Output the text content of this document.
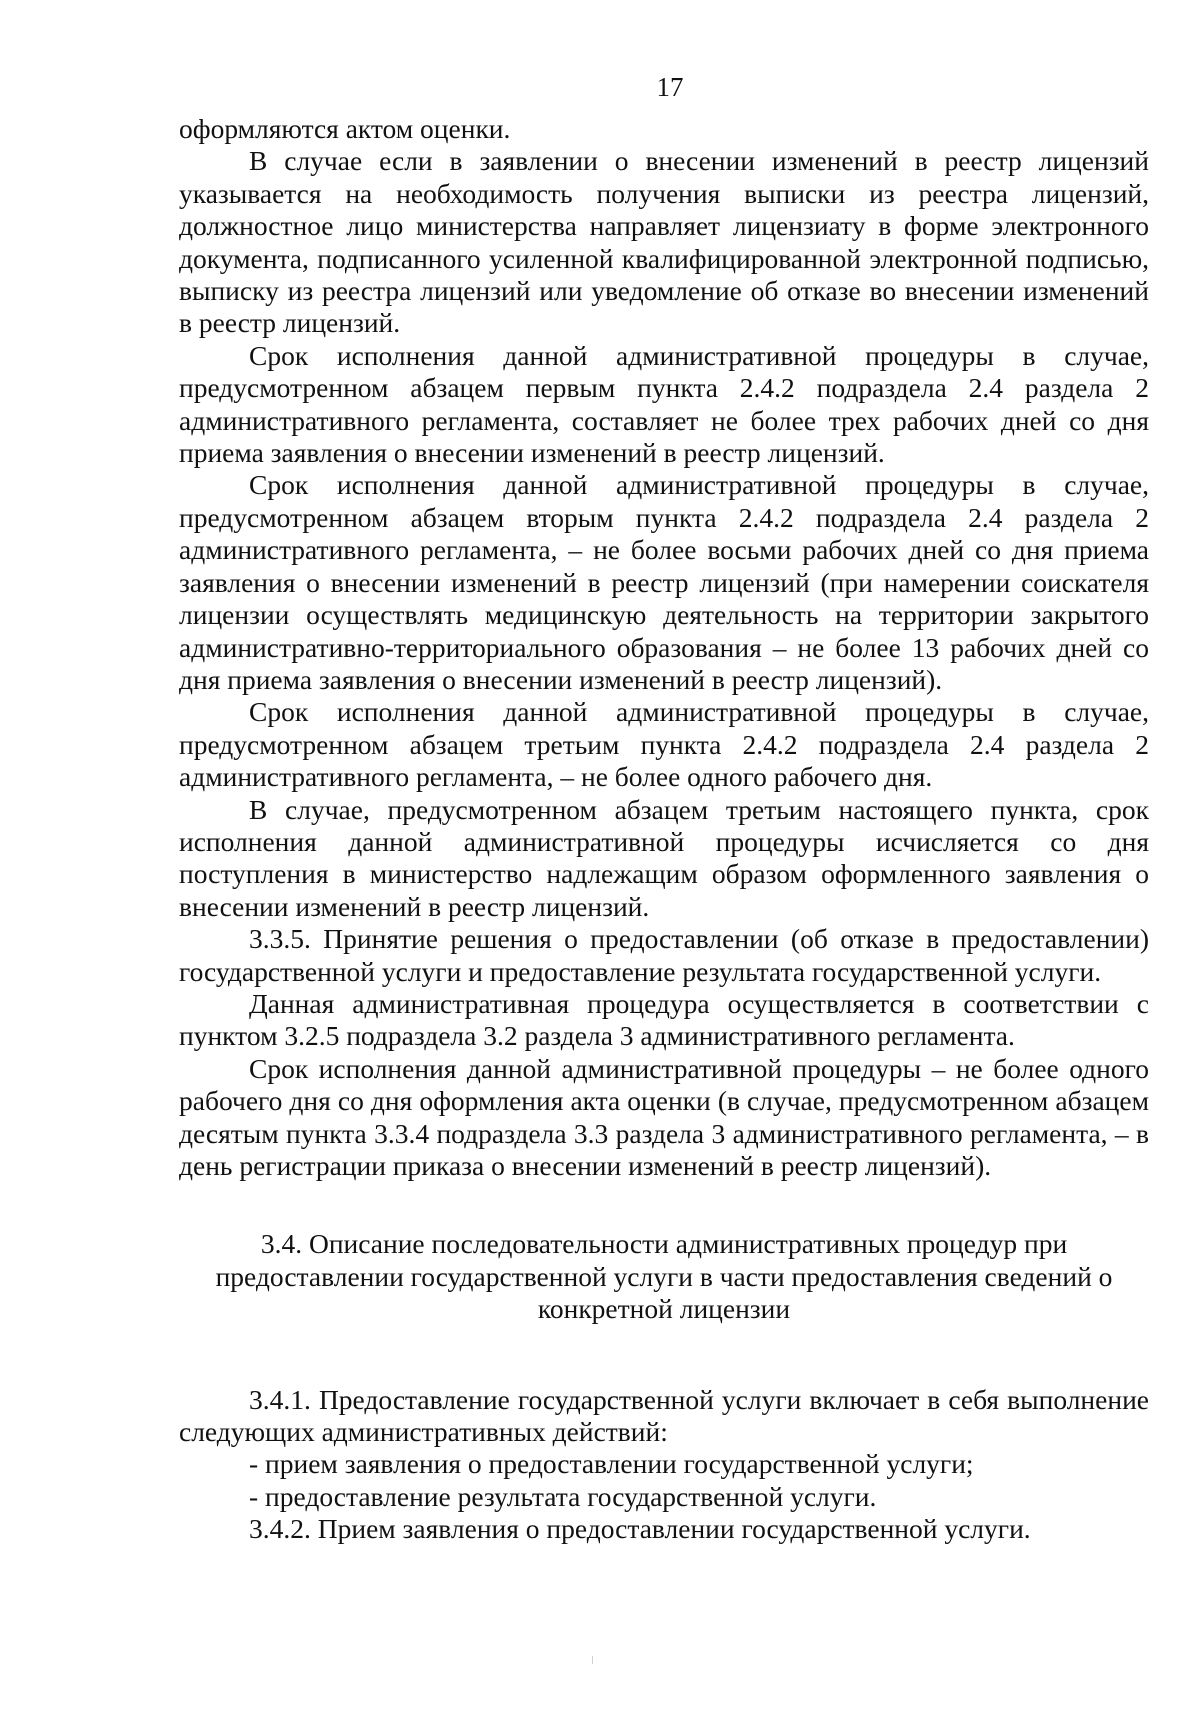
17

оформляются актом оценки.

В случае если в заявлении о внесении изменений в реестр лицензий указывается на необходимость получения выписки из реестра лицензий, должностное лицо министерства направляет лицензиату в форме электронного документа, подписанного усиленной квалифицированной электронной подписью, выписку из реестра лицензий или уведомление об отказе во внесении изменений в реестр лицензий.

Срок исполнения данной административной процедуры в случае, предусмотренном абзацем первым пункта 2.4.2 подраздела 2.4 раздела 2 административного регламента, составляет не более трех рабочих дней со дня приема заявления о внесении изменений в реестр лицензий.

Срок исполнения данной административной процедуры в случае, предусмотренном абзацем вторым пункта 2.4.2 подраздела 2.4 раздела 2 административного регламента, – не более восьми рабочих дней со дня приема заявления о внесении изменений в реестр лицензий (при намерении соискателя лицензии осуществлять медицинскую деятельность на территории закрытого административно-территориального образования – не более 13 рабочих дней со дня приема заявления о внесении изменений в реестр лицензий).

Срок исполнения данной административной процедуры в случае, предусмотренном абзацем третьим пункта 2.4.2 подраздела 2.4 раздела 2 административного регламента, – не более одного рабочего дня.

В случае, предусмотренном абзацем третьим настоящего пункта, срок исполнения данной административной процедуры исчисляется со дня поступления в министерство надлежащим образом оформленного заявления о внесении изменений в реестр лицензий.

3.3.5. Принятие решения о предоставлении (об отказе в предоставлении) государственной услуги и предоставление результата государственной услуги.

Данная административная процедура осуществляется в соответствии с пунктом 3.2.5 подраздела 3.2 раздела 3 административного регламента.

Срок исполнения данной административной процедуры – не более одного рабочего дня со дня оформления акта оценки (в случае, предусмотренном абзацем десятым пункта 3.3.4 подраздела 3.3 раздела 3 административного регламента, – в день регистрации приказа о внесении изменений в реестр лицензий).

3.4. Описание последовательности административных процедур при предоставлении государственной услуги в части предоставления сведений о конкретной лицензии

3.4.1. Предоставление государственной услуги включает в себя выполнение следующих административных действий:

- прием заявления о предоставлении государственной услуги;

- предоставление результата государственной услуги.

3.4.2. Прием заявления о предоставлении государственной услуги.
